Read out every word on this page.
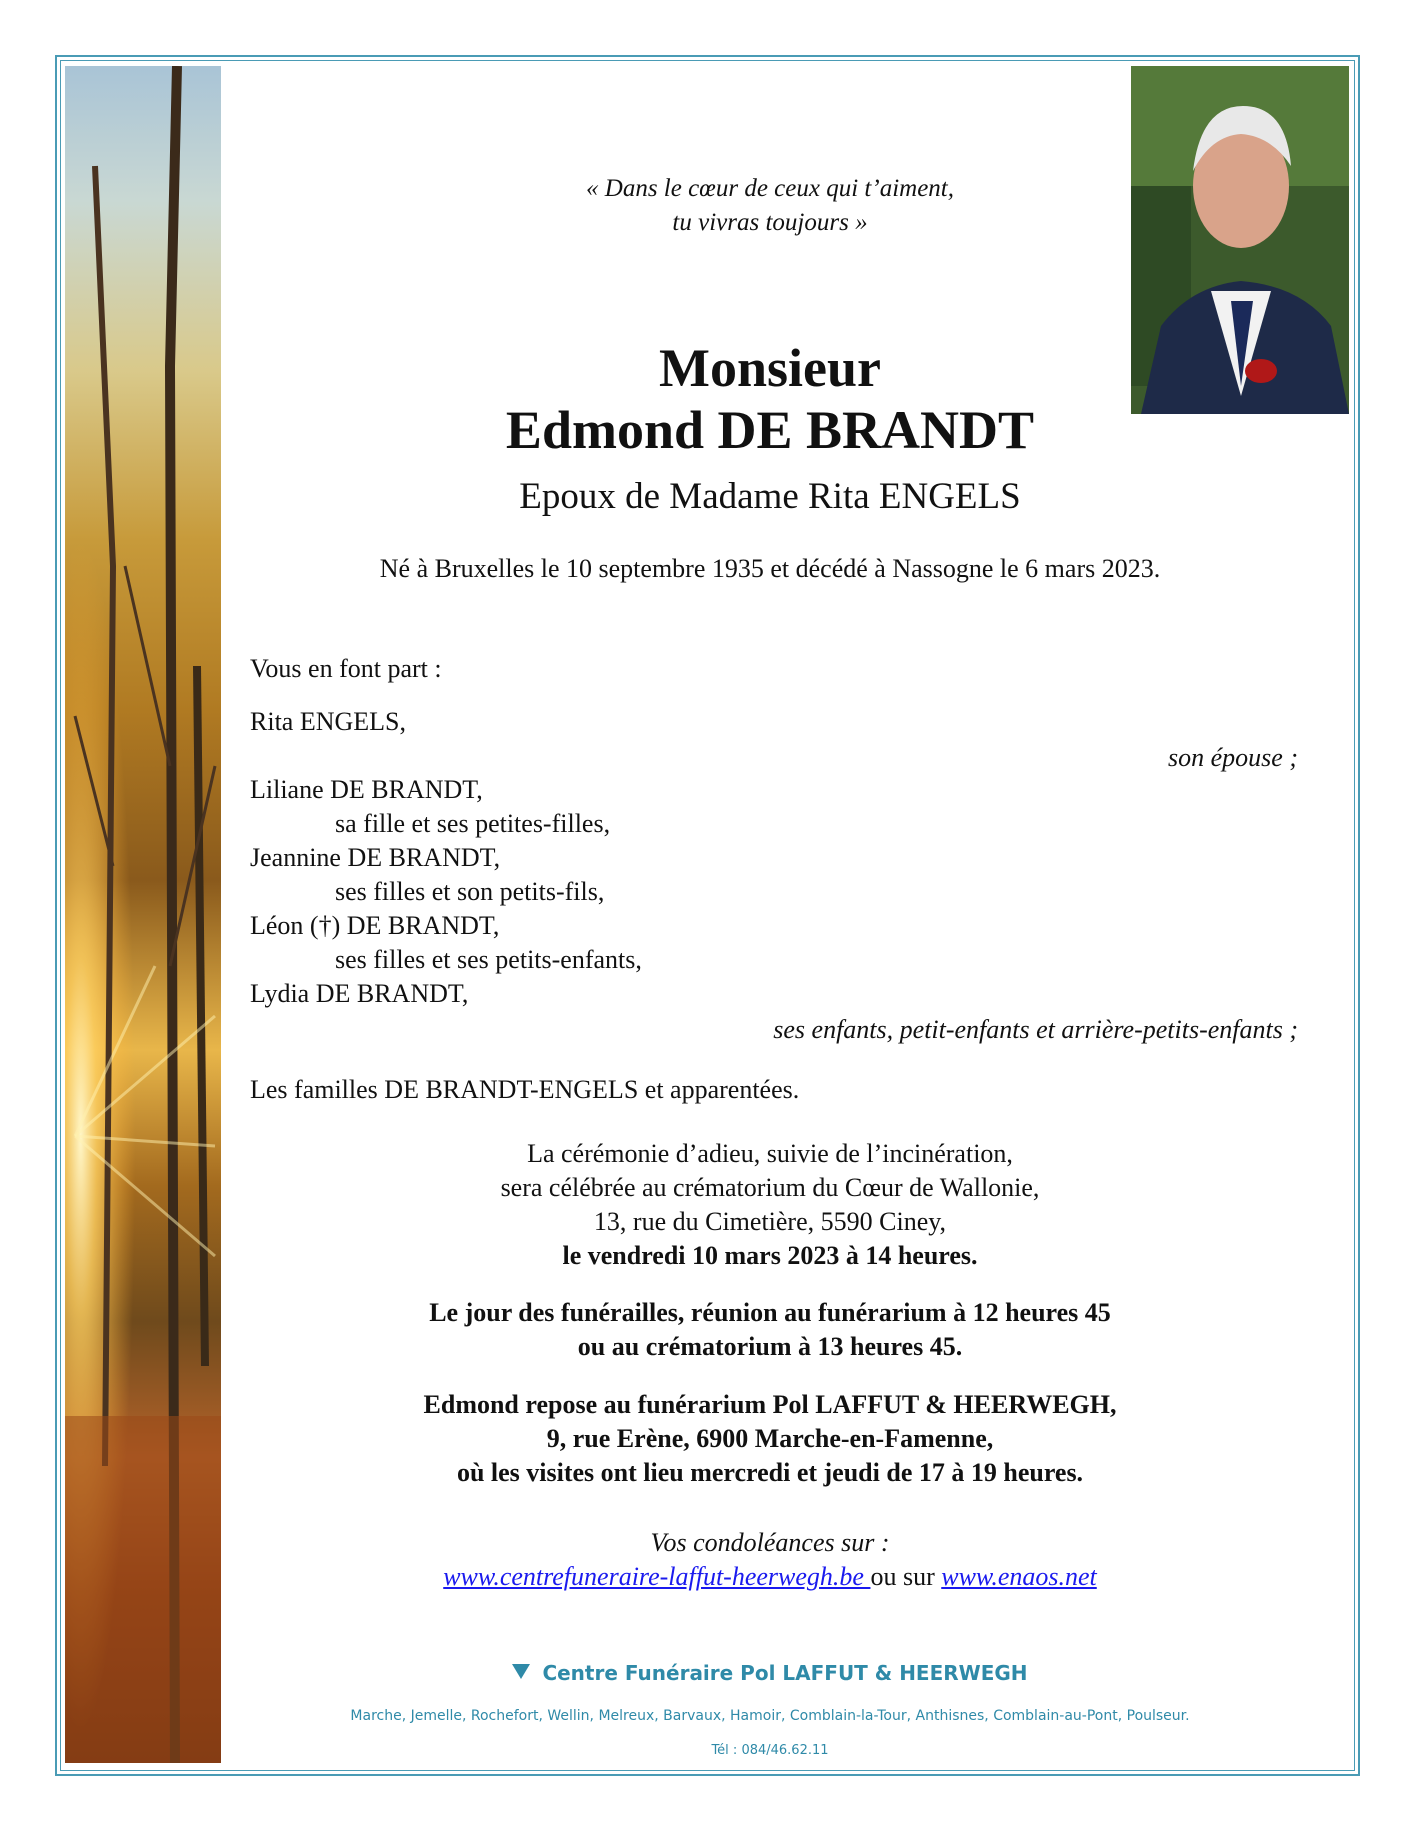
« Dans le cœur de ceux qui t’aiment,
tu vivras toujours »
Monsieur
Edmond DE BRANDT
Epoux de Madame Rita ENGELS
Né à Bruxelles le 10 septembre 1935 et décédé à Nassogne le 6 mars 2023.
Vous en font part :
Rita ENGELS,
son épouse ;
Liliane DE BRANDT,
sa fille et ses petites-filles,
Jeannine DE BRANDT,
ses filles et son petits-fils,
Léon (†) DE BRANDT,
ses filles et ses petits-enfants,
Lydia DE BRANDT,
ses enfants, petit-enfants et arrière-petits-enfants ;
Les familles DE BRANDT-ENGELS et apparentées.
La cérémonie d’adieu, suivie de l’incinération,
sera célébrée au crématorium du Cœur de Wallonie,
13, rue du Cimetière, 5590 Ciney,
le vendredi 10 mars 2023 à 14 heures.
Le jour des funérailles, réunion au funérarium à 12 heures 45
ou au crématorium à 13 heures 45.
Edmond repose au funérarium Pol LAFFUT & HEERWEGH,
9, rue Erène, 6900 Marche-en-Famenne,
où les visites ont lieu mercredi et jeudi de 17 à 19 heures.
Vos condoléances sur :
www.centrefuneraire-laffut-heerwegh.be ou sur www.enaos.net
Centre Funéraire Pol LAFFUT & HEERWEGH
Marche, Jemelle, Rochefort, Wellin, Melreux, Barvaux, Hamoir, Comblain-la-Tour, Anthisnes, Comblain-au-Pont, Poulseur.
Tél : 084/46.62.11
